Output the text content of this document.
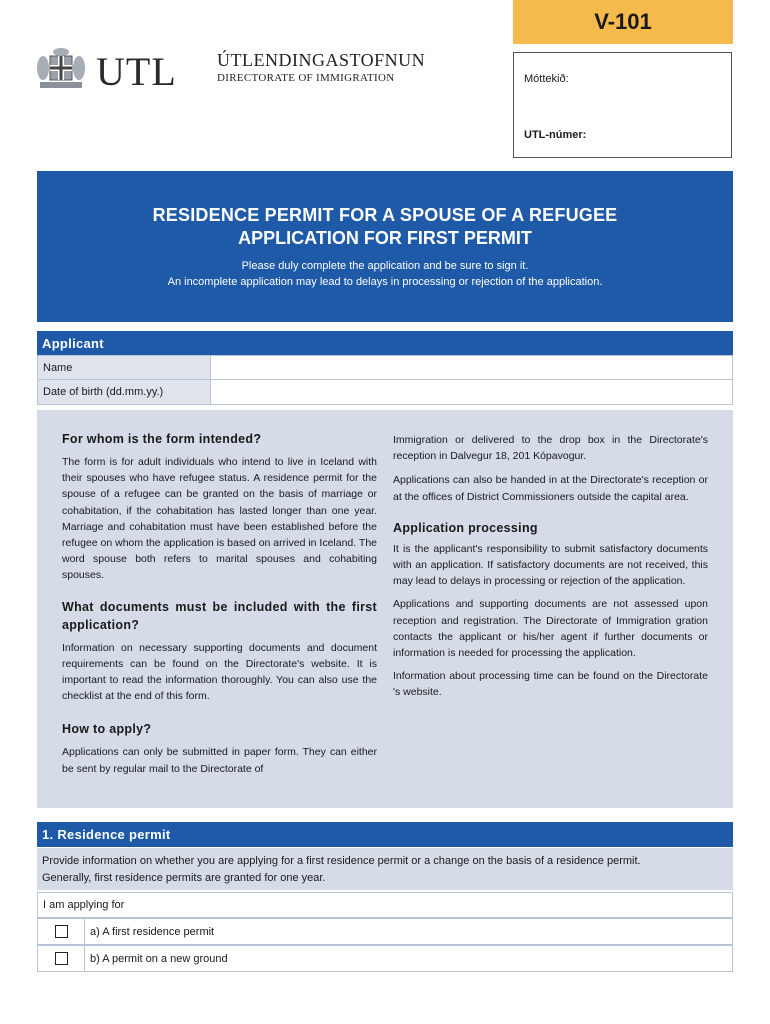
V-101
UTL ÚTLENDINGASTOFNUN
DIRECTORATE OF IMMIGRATION	Móttekið:
UTL-númer:
RESIDENCE PERMIT FOR A SPOUSE OF A REFUGEE
APPLICATION FOR FIRST PERMIT
Please duly complete the application and be sure to sign it.
An incomplete application may lead to delays in processing or rejection of the application.
Applicant
Name
Date of birth (dd.mm.yy.)
For whom is the form intended?

The form is for adult individuals who intend to live in Iceland with their spouses who have refugee status. A residence permit for the spouse of a refugee can be granted on the basis of marriage or cohabitation, if the cohabitation has lasted longer than one year. Marriage and cohabitation must have been established before the refugee on whom the application is based on arrived in Iceland. The word spouse both refers to marital spouses and cohabiting spouses.

What documents must be included with the first application?

Information on necessary supporting documents and document requirements can be found on the Directorate's website. It is important to read the information thoroughly. You can also use the checklist at the end of this form.

How to apply?

Applications can only be submitted in paper form. They can either be sent by regular mail to the Directorate of

Immigration or delivered to the drop box in the Directorate's reception in Dalvegur 18, 201 Kópavogur.

Applications can also be handed in at the Directorate's reception or at the offices of District Commissioners outside the capital area.

Application processing

It is the applicant's responsibility to submit satisfactory documents with an application. If satisfactory documents are not received, this may lead to delays in processing or rejection of the application.

Applications and supporting documents are not assessed upon reception and registration. The Directorate of Immigration gration contacts the applicant or his/her agent if further documents or information is needed for processing the application.

Information about processing time can be found on the Directorate 's website.

1. Residence permit
Provide information on whether you are applying for a first residence permit or a change on the basis of a residence permit.
Generally, first residence permits are granted for one year.
I am applying for
a) A first residence permit
b) A permit on a new ground
